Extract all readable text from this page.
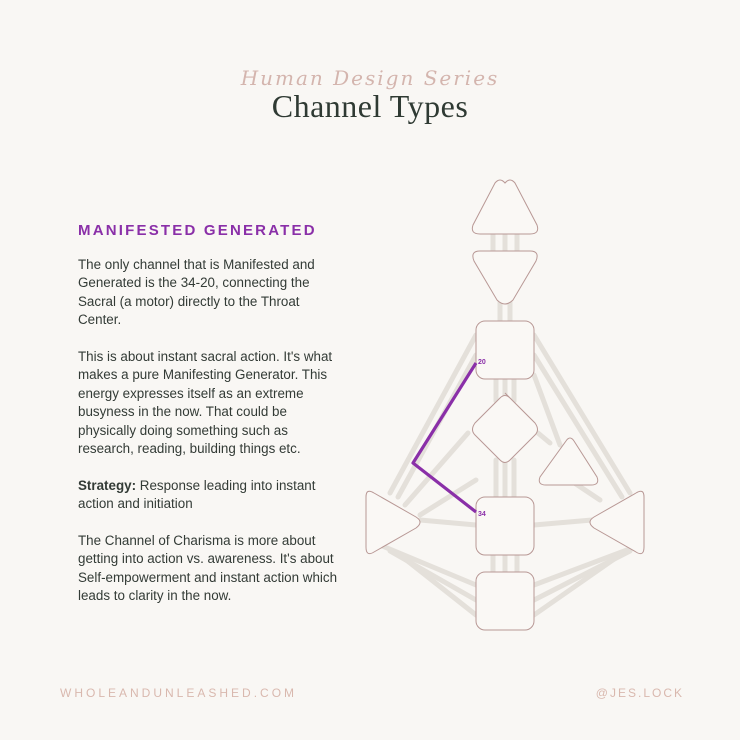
Human Design Series
Channel Types
MANIFESTED GENERATED

The only channel that is Manifested and Generated is the 34-20, connecting the Sacral (a motor) directly to the Throat Center.

This is about instant sacral action. It's what makes a pure Manifesting Generator. This energy expresses itself as an extreme busyness in the now. That could be physically doing something such as research, reading, building things etc.

Strategy: Response leading into instant action and initiation

The Channel of Charisma is more about getting into action vs. awareness. It's about Self-empowerment and instant action which leads to clarity in the now.

20
34
WHOLEANDUNLEASHED.COM	@JES.LOCK
